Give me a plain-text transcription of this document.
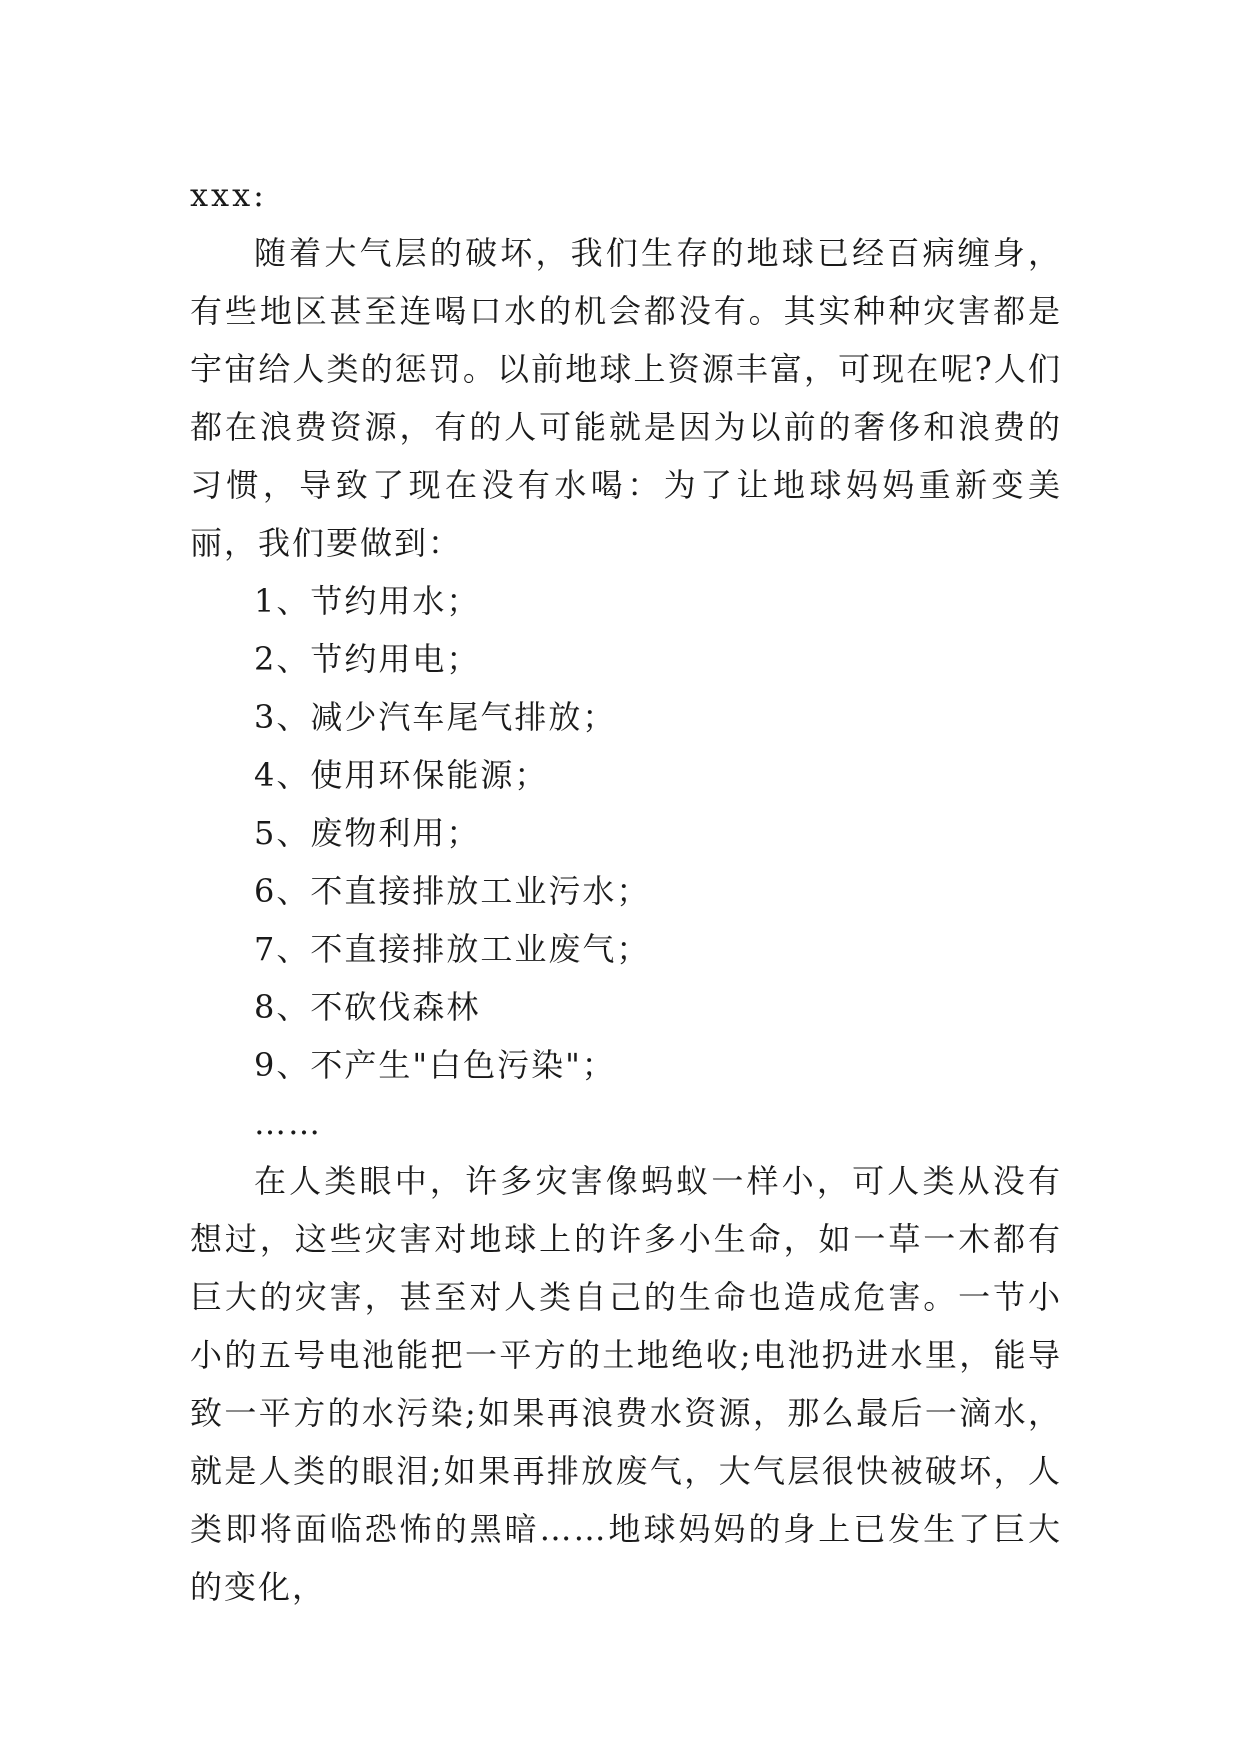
xxx:

随着大气层的破坏，我们生存的地球已经百病缠身，有些地区甚至连喝口水的机会都没有。其实种种灾害都是宇宙给人类的惩罚。以前地球上资源丰富，可现在呢?人们都在浪费资源，有的人可能就是因为以前的奢侈和浪费的习惯，导致了现在没有水喝：为了让地球妈妈重新变美丽，我们要做到：

1、节约用水；
2、节约用电；
3、减少汽车尾气排放；
4、使用环保能源；
5、废物利用；
6、不直接排放工业污水；
7、不直接排放工业废气；
8、不砍伐森林
9、不产生"白色污染"；
……

在人类眼中，许多灾害像蚂蚁一样小，可人类从没有想过，这些灾害对地球上的许多小生命，如一草一木都有巨大的灾害，甚至对人类自己的生命也造成危害。一节小小的五号电池能把一平方的土地绝收;电池扔进水里，能导致一平方的水污染;如果再浪费水资源，那么最后一滴水，就是人类的眼泪;如果再排放废气，大气层很快被破坏，人类即将面临恐怖的黑暗……地球妈妈的身上已发生了巨大的变化，
